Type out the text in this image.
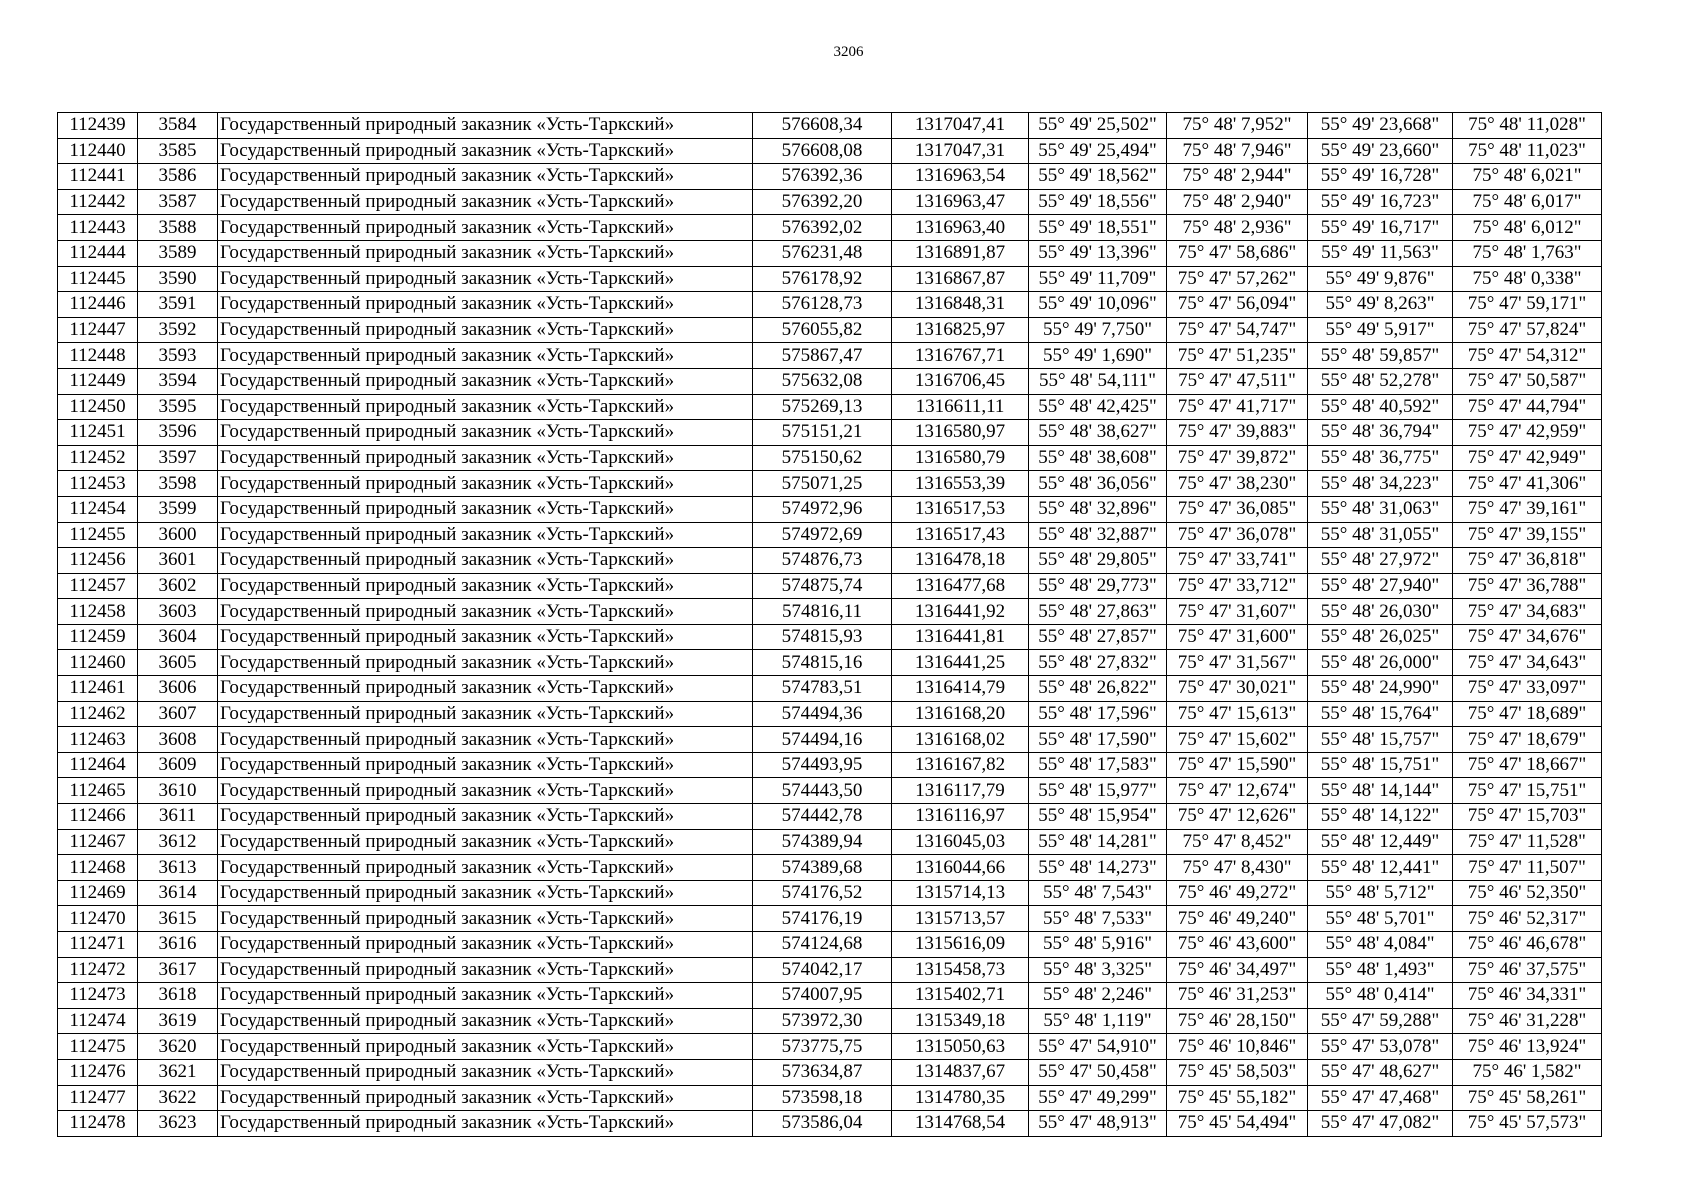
3206
112439	3584	Государственный природный заказник «Усть-Таркский»	576608,34	1317047,41	55° 49' 25,502"	75° 48' 7,952"	55° 49' 23,668"	75° 48' 11,028"
112440	3585	Государственный природный заказник «Усть-Таркский»	576608,08	1317047,31	55° 49' 25,494"	75° 48' 7,946"	55° 49' 23,660"	75° 48' 11,023"
112441	3586	Государственный природный заказник «Усть-Таркский»	576392,36	1316963,54	55° 49' 18,562"	75° 48' 2,944"	55° 49' 16,728"	75° 48' 6,021"
112442	3587	Государственный природный заказник «Усть-Таркский»	576392,20	1316963,47	55° 49' 18,556"	75° 48' 2,940"	55° 49' 16,723"	75° 48' 6,017"
112443	3588	Государственный природный заказник «Усть-Таркский»	576392,02	1316963,40	55° 49' 18,551"	75° 48' 2,936"	55° 49' 16,717"	75° 48' 6,012"
112444	3589	Государственный природный заказник «Усть-Таркский»	576231,48	1316891,87	55° 49' 13,396"	75° 47' 58,686"	55° 49' 11,563"	75° 48' 1,763"
112445	3590	Государственный природный заказник «Усть-Таркский»	576178,92	1316867,87	55° 49' 11,709"	75° 47' 57,262"	55° 49' 9,876"	75° 48' 0,338"
112446	3591	Государственный природный заказник «Усть-Таркский»	576128,73	1316848,31	55° 49' 10,096"	75° 47' 56,094"	55° 49' 8,263"	75° 47' 59,171"
112447	3592	Государственный природный заказник «Усть-Таркский»	576055,82	1316825,97	55° 49' 7,750"	75° 47' 54,747"	55° 49' 5,917"	75° 47' 57,824"
112448	3593	Государственный природный заказник «Усть-Таркский»	575867,47	1316767,71	55° 49' 1,690"	75° 47' 51,235"	55° 48' 59,857"	75° 47' 54,312"
112449	3594	Государственный природный заказник «Усть-Таркский»	575632,08	1316706,45	55° 48' 54,111"	75° 47' 47,511"	55° 48' 52,278"	75° 47' 50,587"
112450	3595	Государственный природный заказник «Усть-Таркский»	575269,13	1316611,11	55° 48' 42,425"	75° 47' 41,717"	55° 48' 40,592"	75° 47' 44,794"
112451	3596	Государственный природный заказник «Усть-Таркский»	575151,21	1316580,97	55° 48' 38,627"	75° 47' 39,883"	55° 48' 36,794"	75° 47' 42,959"
112452	3597	Государственный природный заказник «Усть-Таркский»	575150,62	1316580,79	55° 48' 38,608"	75° 47' 39,872"	55° 48' 36,775"	75° 47' 42,949"
112453	3598	Государственный природный заказник «Усть-Таркский»	575071,25	1316553,39	55° 48' 36,056"	75° 47' 38,230"	55° 48' 34,223"	75° 47' 41,306"
112454	3599	Государственный природный заказник «Усть-Таркский»	574972,96	1316517,53	55° 48' 32,896"	75° 47' 36,085"	55° 48' 31,063"	75° 47' 39,161"
112455	3600	Государственный природный заказник «Усть-Таркский»	574972,69	1316517,43	55° 48' 32,887"	75° 47' 36,078"	55° 48' 31,055"	75° 47' 39,155"
112456	3601	Государственный природный заказник «Усть-Таркский»	574876,73	1316478,18	55° 48' 29,805"	75° 47' 33,741"	55° 48' 27,972"	75° 47' 36,818"
112457	3602	Государственный природный заказник «Усть-Таркский»	574875,74	1316477,68	55° 48' 29,773"	75° 47' 33,712"	55° 48' 27,940"	75° 47' 36,788"
112458	3603	Государственный природный заказник «Усть-Таркский»	574816,11	1316441,92	55° 48' 27,863"	75° 47' 31,607"	55° 48' 26,030"	75° 47' 34,683"
112459	3604	Государственный природный заказник «Усть-Таркский»	574815,93	1316441,81	55° 48' 27,857"	75° 47' 31,600"	55° 48' 26,025"	75° 47' 34,676"
112460	3605	Государственный природный заказник «Усть-Таркский»	574815,16	1316441,25	55° 48' 27,832"	75° 47' 31,567"	55° 48' 26,000"	75° 47' 34,643"
112461	3606	Государственный природный заказник «Усть-Таркский»	574783,51	1316414,79	55° 48' 26,822"	75° 47' 30,021"	55° 48' 24,990"	75° 47' 33,097"
112462	3607	Государственный природный заказник «Усть-Таркский»	574494,36	1316168,20	55° 48' 17,596"	75° 47' 15,613"	55° 48' 15,764"	75° 47' 18,689"
112463	3608	Государственный природный заказник «Усть-Таркский»	574494,16	1316168,02	55° 48' 17,590"	75° 47' 15,602"	55° 48' 15,757"	75° 47' 18,679"
112464	3609	Государственный природный заказник «Усть-Таркский»	574493,95	1316167,82	55° 48' 17,583"	75° 47' 15,590"	55° 48' 15,751"	75° 47' 18,667"
112465	3610	Государственный природный заказник «Усть-Таркский»	574443,50	1316117,79	55° 48' 15,977"	75° 47' 12,674"	55° 48' 14,144"	75° 47' 15,751"
112466	3611	Государственный природный заказник «Усть-Таркский»	574442,78	1316116,97	55° 48' 15,954"	75° 47' 12,626"	55° 48' 14,122"	75° 47' 15,703"
112467	3612	Государственный природный заказник «Усть-Таркский»	574389,94	1316045,03	55° 48' 14,281"	75° 47' 8,452"	55° 48' 12,449"	75° 47' 11,528"
112468	3613	Государственный природный заказник «Усть-Таркский»	574389,68	1316044,66	55° 48' 14,273"	75° 47' 8,430"	55° 48' 12,441"	75° 47' 11,507"
112469	3614	Государственный природный заказник «Усть-Таркский»	574176,52	1315714,13	55° 48' 7,543"	75° 46' 49,272"	55° 48' 5,712"	75° 46' 52,350"
112470	3615	Государственный природный заказник «Усть-Таркский»	574176,19	1315713,57	55° 48' 7,533"	75° 46' 49,240"	55° 48' 5,701"	75° 46' 52,317"
112471	3616	Государственный природный заказник «Усть-Таркский»	574124,68	1315616,09	55° 48' 5,916"	75° 46' 43,600"	55° 48' 4,084"	75° 46' 46,678"
112472	3617	Государственный природный заказник «Усть-Таркский»	574042,17	1315458,73	55° 48' 3,325"	75° 46' 34,497"	55° 48' 1,493"	75° 46' 37,575"
112473	3618	Государственный природный заказник «Усть-Таркский»	574007,95	1315402,71	55° 48' 2,246"	75° 46' 31,253"	55° 48' 0,414"	75° 46' 34,331"
112474	3619	Государственный природный заказник «Усть-Таркский»	573972,30	1315349,18	55° 48' 1,119"	75° 46' 28,150"	55° 47' 59,288"	75° 46' 31,228"
112475	3620	Государственный природный заказник «Усть-Таркский»	573775,75	1315050,63	55° 47' 54,910"	75° 46' 10,846"	55° 47' 53,078"	75° 46' 13,924"
112476	3621	Государственный природный заказник «Усть-Таркский»	573634,87	1314837,67	55° 47' 50,458"	75° 45' 58,503"	55° 47' 48,627"	75° 46' 1,582"
112477	3622	Государственный природный заказник «Усть-Таркский»	573598,18	1314780,35	55° 47' 49,299"	75° 45' 55,182"	55° 47' 47,468"	75° 45' 58,261"
112478	3623	Государственный природный заказник «Усть-Таркский»	573586,04	1314768,54	55° 47' 48,913"	75° 45' 54,494"	55° 47' 47,082"	75° 45' 57,573"
